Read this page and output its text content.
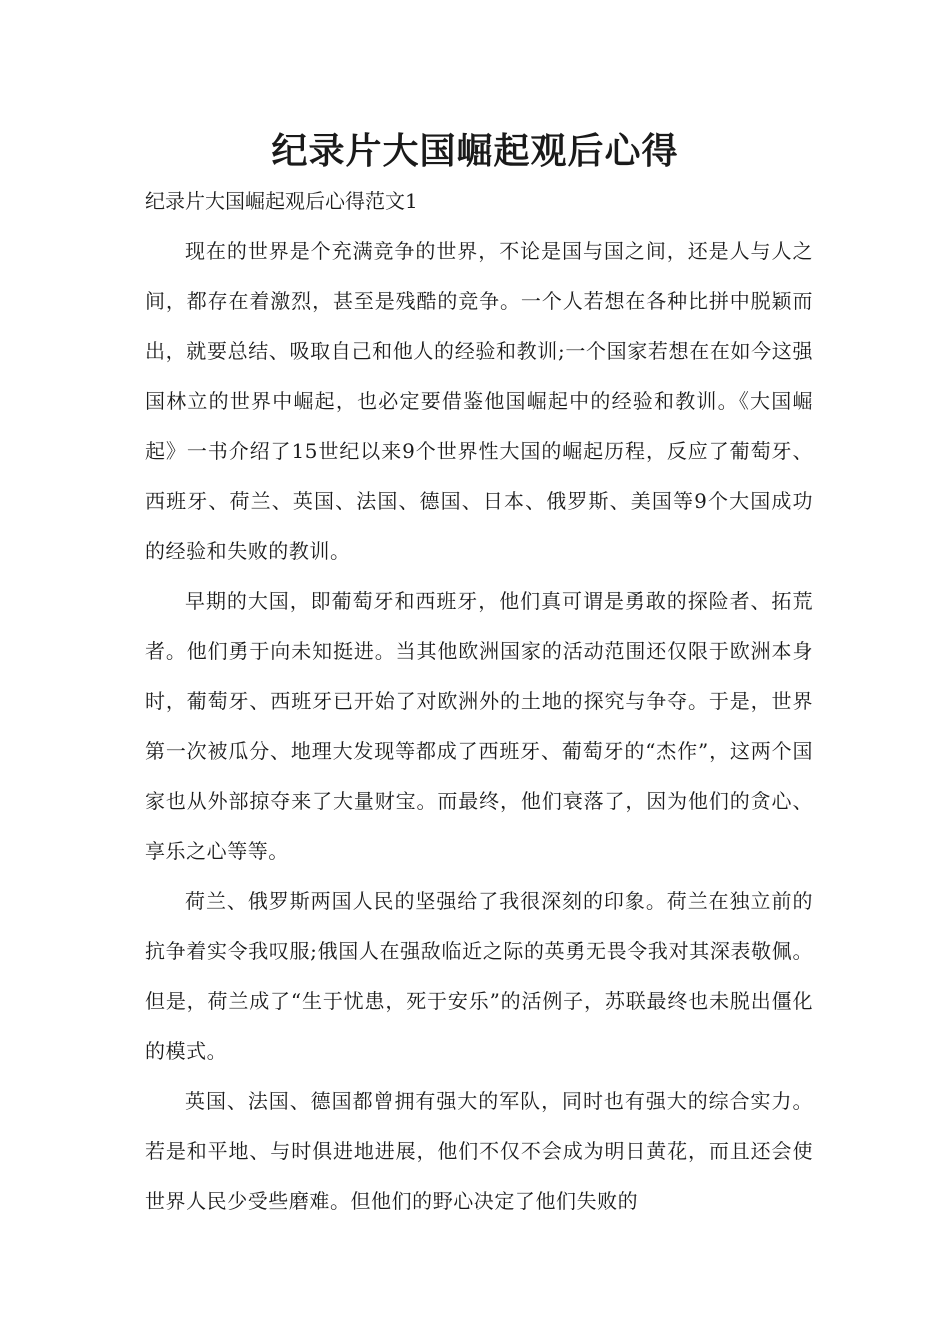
纪录片大国崛起观后心得

纪录片大国崛起观后心得范文1

现在的世界是个充满竞争的世界，不论是国与国之间，还是人与人之间，都存在着激烈，甚至是残酷的竞争。一个人若想在各种比拼中脱颖而出，就要总结、吸取自己和他人的经验和教训;一个国家若想在在如今这强国林立的世界中崛起，也必定要借鉴他国崛起中的经验和教训。《大国崛起》一书介绍了15世纪以来9个世界性大国的崛起历程，反应了葡萄牙、西班牙、荷兰、英国、法国、德国、日本、俄罗斯、美国等9个大国成功的经验和失败的教训。

早期的大国，即葡萄牙和西班牙，他们真可谓是勇敢的探险者、拓荒者。他们勇于向未知挺进。当其他欧洲国家的活动范围还仅限于欧洲本身时，葡萄牙、西班牙已开始了对欧洲外的土地的探究与争夺。于是，世界第一次被瓜分、地理大发现等都成了西班牙、葡萄牙的“杰作”，这两个国家也从外部掠夺来了大量财宝。而最终，他们衰落了，因为他们的贪心、享乐之心等等。

荷兰、俄罗斯两国人民的坚强给了我很深刻的印象。荷兰在独立前的抗争着实令我叹服;俄国人在强敌临近之际的英勇无畏令我对其深表敬佩。但是，荷兰成了“生于忧患，死于安乐”的活例子，苏联最终也未脱出僵化的模式。

英国、法国、德国都曾拥有强大的军队，同时也有强大的综合实力。若是和平地、与时俱进地进展，他们不仅不会成为明日黄花，而且还会使世界人民少受些磨难。但他们的野心决定了他们失败的
